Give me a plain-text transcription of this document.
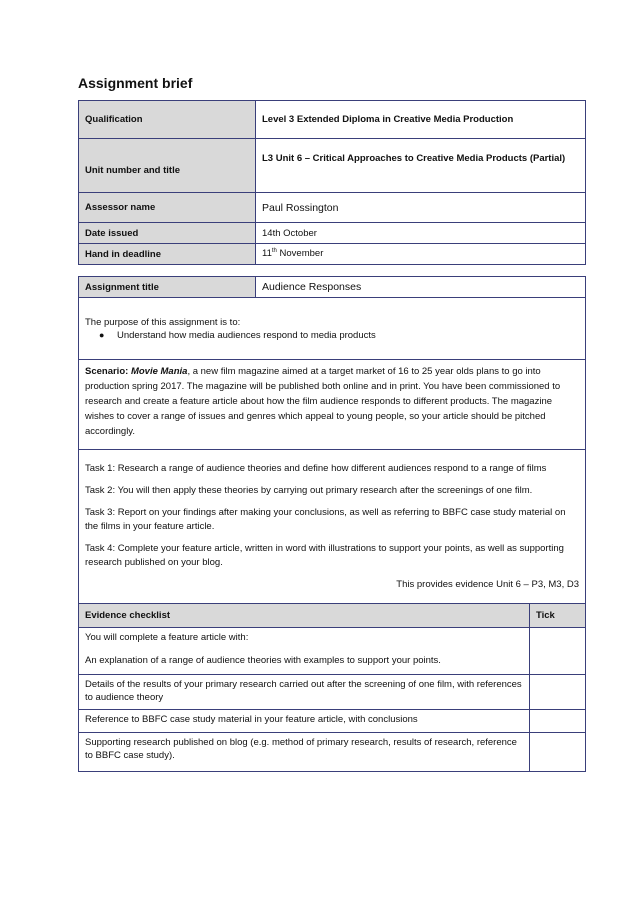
Assignment brief
Qualification	Level 3 Extended Diploma in Creative Media Production
Unit number and title	L3 Unit 6 – Critical Approaches to Creative Media Products (Partial)
Assessor name	Paul Rossington
Date issued	14th October
Hand in deadline	11th November
Assignment title	Audience Responses

The purpose of this assignment is to:

●	Understand how media audiences respond to media products

Scenario: Movie Mania, a new film magazine aimed at a target market of 16 to 25 year olds plans to go into production spring 2017. The magazine will be published both online and in print. You have been commissioned to research and create a feature article about how the film audience responds to different products. The magazine wishes to cover a range of issues and genres which appeal to young people, so your article should be pitched accordingly.

Task 1: Research a range of audience theories and define how different audiences respond to a range of films

Task 2: You will then apply these theories by carrying out primary research after the screenings of one film.

Task 3: Report on your findings after making your conclusions, as well as referring to BBFC case study material on the films in your feature article.

Task 4: Complete your feature article, written in word with illustrations to support your points, as well as supporting research published on your blog.

This provides evidence Unit 6 – P3, M3, D3

Evidence checklist	Tick

You will complete a feature article with:

An explanation of a range of audience theories with examples to support your points.	

Details of the results of your primary research carried out after the screening of one film, with references to audience theory	
Reference to BBFC case study material in your feature article, with conclusions	
Supporting research published on blog (e.g. method of primary research, results of research, reference to BBFC case study).	
